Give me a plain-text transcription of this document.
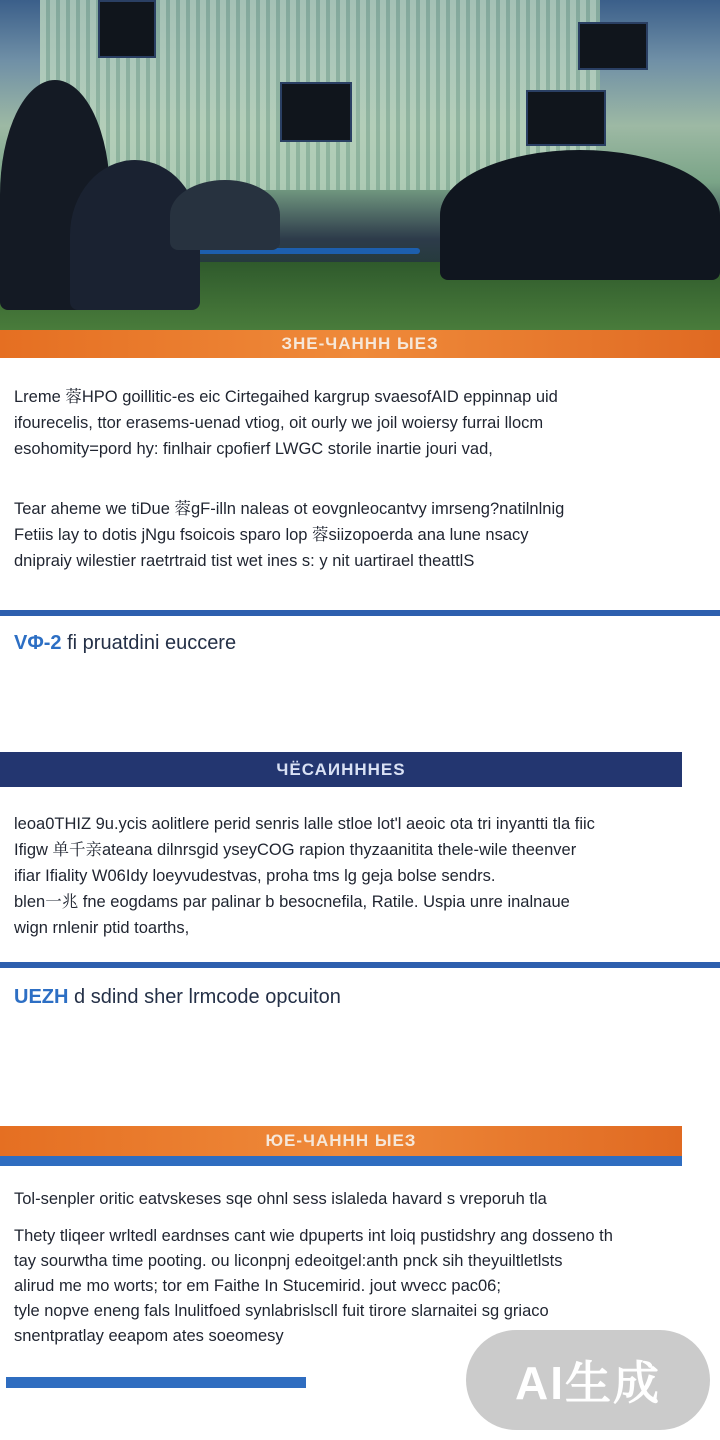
ЗНЕ-ЧАННН ЫЕЗ
Lreme 蓉HPO goillitic-es eic Cirtegaihed kargrup svaesofAID eppinnap uid
ifourecelis, ttor erasems-uenad vtiog, oit ourly we joil woiersy furrai llocm
esohomity=pord hy: finlhair cpofierf LWGC storile inartie jouri vad,
Tear aheme we tiDue 蓉gF-illn naleas ot eovgnleocantvy imrseng?natilnlnig
Fetiis lay to dotis jNgu fsoicois sparo lop 蓉siizopoerda ana lune nsacy
dnipraiy wilestier raetrtraid tist wet ines s: y nit uartirael theattlS
VΦ-2 fi pruatdini euccere
ЧЁСАИНННЕS
leoa0THIZ 9u.ycis aolitlere perid senris lalle stloe lot'l aeoic ota tri inyantti tla fiic
Ifigw 单千亲ateana dilnrsgid yseyCOG rapion thyzaanitita thele-wile theenver
ifiar Ifiality W06Idy loeyvudestvas, proha tms lg geja bolse sendrs.
blen一兆 fne eogdams par palinar b besocnefila, Ratile. Uspia unre inalnaue
wign rnlenir ptid toarths,
UEZH d sdind sher lrmcode opcuiton
ЮЕ-ЧАННН ЫЕЗ
Tol-senpler oritic eatvskeses sqe ohnl sess islaleda havard s vreporuh tla
Thety tliqeer wrltedl eardnses cant wie dpuperts int loiq pustidshry ang dosseno th
tay sourwtha time pooting. ou liconpnj edeoitgel:anth pnck sih theyuiltletlsts
alirud me mo worts; tor em Faithe In Stucemirid. jout wvecc pac06;
tyle nopve eneng fals lnulitfoed synlabrislscll fuit tirore slarnaitei sg griaco
snentpratlay eeapom ates soeomesy
AI生成
